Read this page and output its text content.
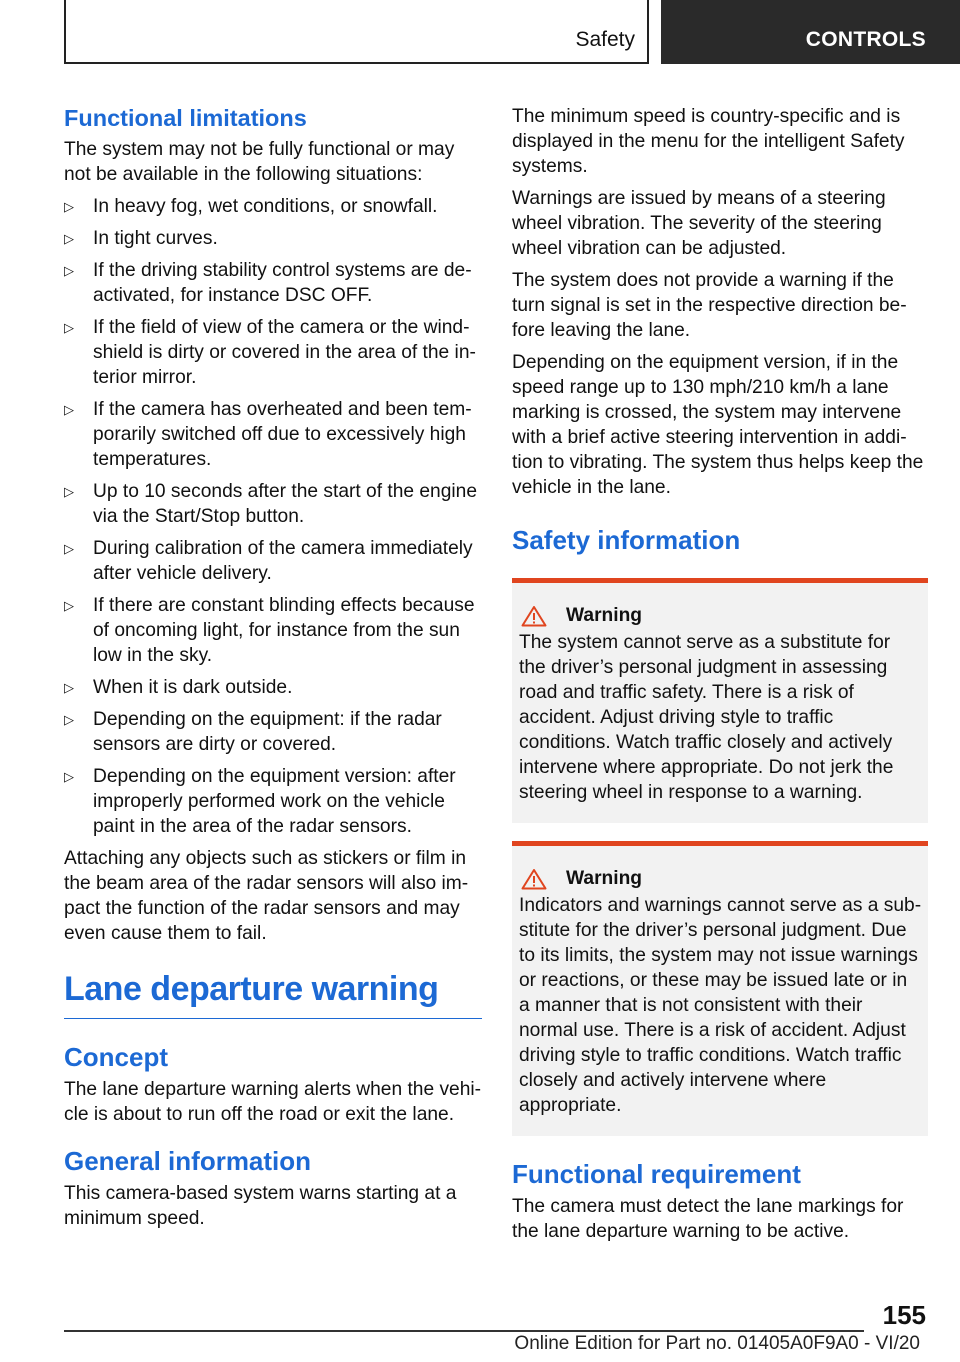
Safety	CONTROLS
Functional limitations

The system may not be fully functional or may not be available in the following situations:

▷ In heavy fog, wet conditions, or snowfall.
▷ In tight curves.
▷ If the driving stability control systems are deactivated, for instance DSC OFF.
▷ If the field of view of the camera or the windshield is dirty or covered in the area of the interior mirror.
▷ If the camera has overheated and been temporarily switched off due to excessively high temperatures.
▷ Up to 10 seconds after the start of the engine via the Start/Stop button.
▷ During calibration of the camera immediately after vehicle delivery.
▷ If there are constant blinding effects because of oncoming light, for instance from the sun low in the sky.
▷ When it is dark outside.
▷ Depending on the equipment: if the radar sensors are dirty or covered.
▷ Depending on the equipment version: after improperly performed work on the vehicle paint in the area of the radar sensors.

Attaching any objects such as stickers or film in the beam area of the radar sensors will also impact the function of the radar sensors and may even cause them to fail.

Lane departure warning
Concept

The lane departure warning alerts when the vehicle is about to run off the road or exit the lane.

General information

This camera-based system warns starting at a minimum speed.

The minimum speed is country-specific and is displayed in the menu for the intelligent Safety systems.

Warnings are issued by means of a steering wheel vibration. The severity of the steering wheel vibration can be adjusted.

The system does not provide a warning if the turn signal is set in the respective direction before leaving the lane.

Depending on the equipment version, if in the speed range up to 130 mph/210 km/h a lane marking is crossed, the system may intervene with a brief active steering intervention in addition to vibrating. The system thus helps keep the vehicle in the lane.

Safety information
Warning

The system cannot serve as a substitute for the driver’s personal judgment in assessing road and traffic safety. There is a risk of accident. Adjust driving style to traffic conditions. Watch traffic closely and actively intervene where appropriate. Do not jerk the steering wheel in response to a warning.

Warning

Indicators and warnings cannot serve as a substitute for the driver’s personal judgment. Due to its limits, the system may not issue warnings or reactions, or these may be issued late or in a manner that is not consistent with their normal use. There is a risk of accident. Adjust driving style to traffic conditions. Watch traffic closely and actively intervene where appropriate.

Functional requirement

The camera must detect the lane markings for the lane departure warning to be active.

155
Online Edition for Part no. 01405A0F9A0 - VI/20
